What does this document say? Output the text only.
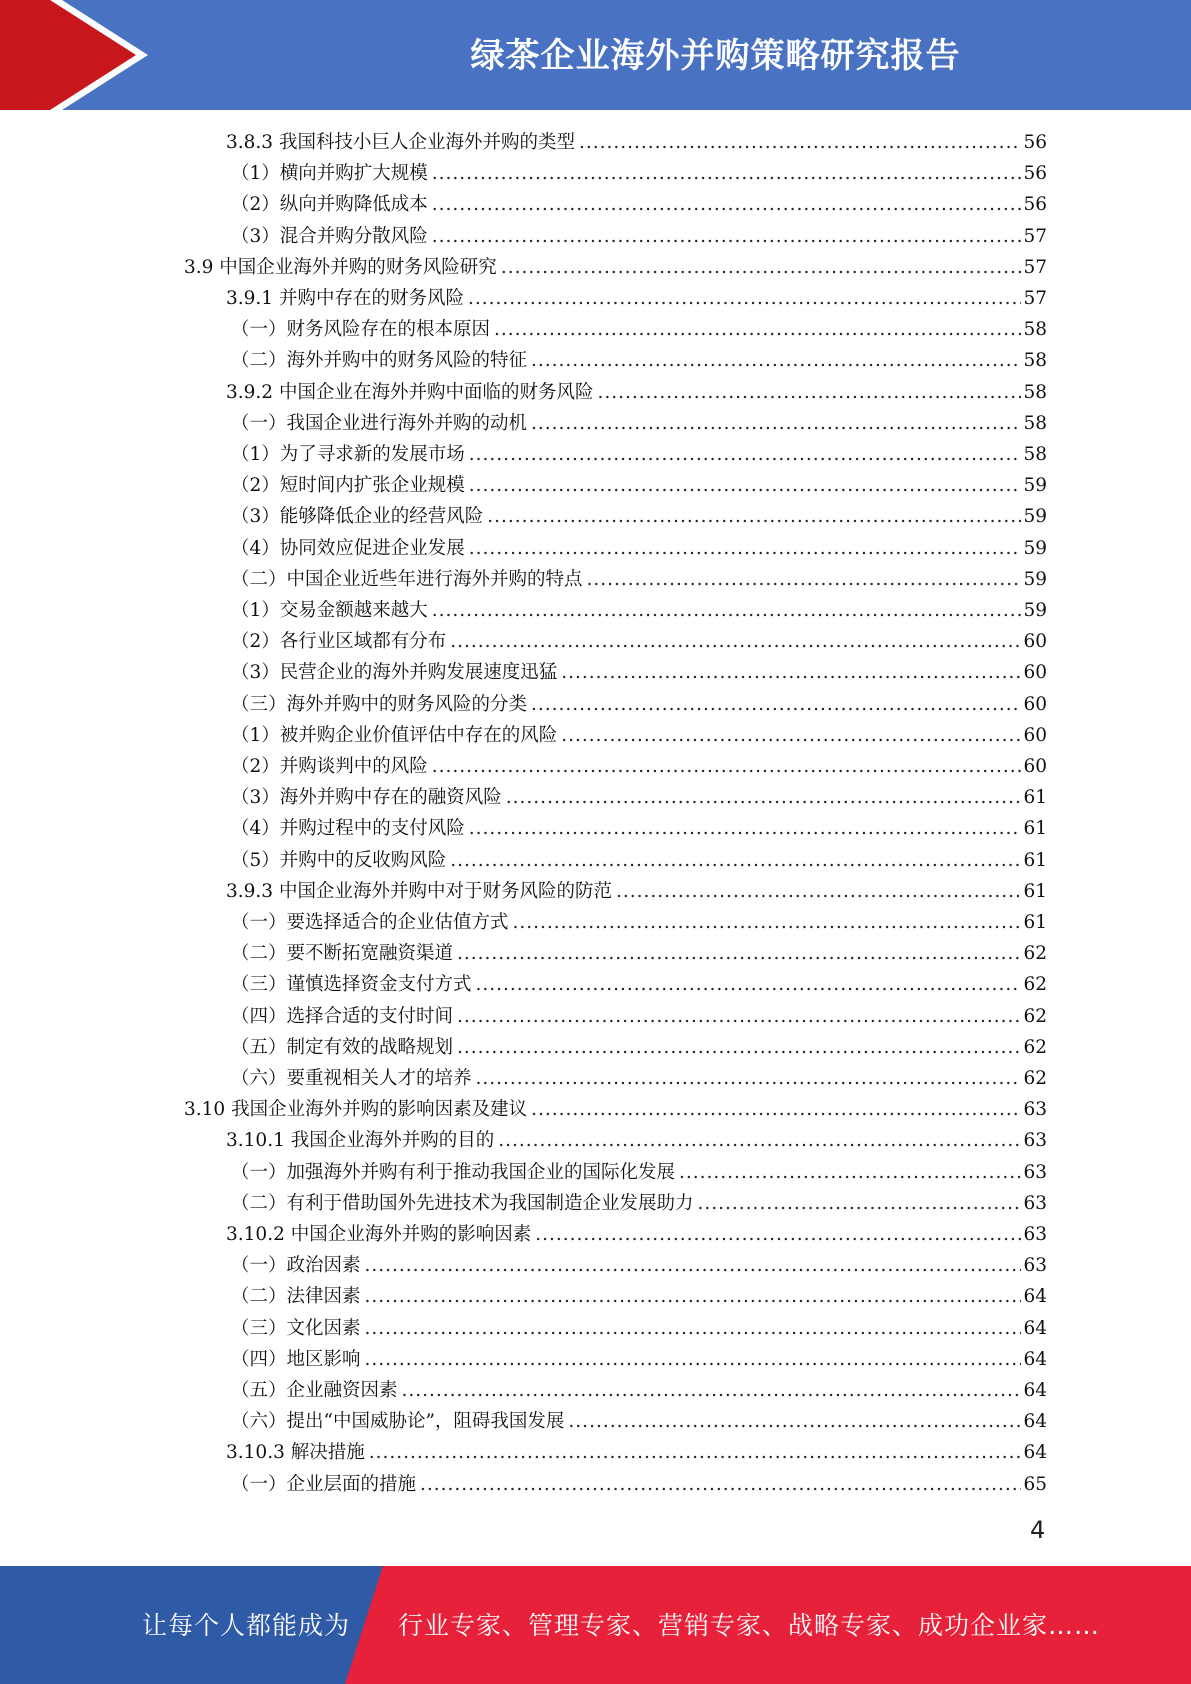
绿茶企业海外并购策略研究报告
3.8.3 我国科技小巨人企业海外并购的类型 .....	56
（1）横向并购扩大规模 .....	56
（2）纵向并购降低成本 .....	56
（3）混合并购分散风险 .....	57
3.9 中国企业海外并购的财务风险研究 .....	57
3.9.1 并购中存在的财务风险 .....	57
（一）财务风险存在的根本原因 .....	58
（二）海外并购中的财务风险的特征 .....	58
3.9.2 中国企业在海外并购中面临的财务风险 .....	58
（一）我国企业进行海外并购的动机 .....	58
（1）为了寻求新的发展市场 .....	58
（2）短时间内扩张企业规模 .....	59
（3）能够降低企业的经营风险 .....	59
（4）协同效应促进企业发展 .....	59
（二）中国企业近些年进行海外并购的特点 .....	59
（1）交易金额越来越大 .....	59
（2）各行业区域都有分布 .....	60
（3）民营企业的海外并购发展速度迅猛 .....	60
（三）海外并购中的财务风险的分类 .....	60
（1）被并购企业价值评估中存在的风险 .....	60
（2）并购谈判中的风险 .....	60
（3）海外并购中存在的融资风险 .....	61
（4）并购过程中的支付风险 .....	61
（5）并购中的反收购风险 .....	61
3.9.3 中国企业海外并购中对于财务风险的防范 .....	61
（一）要选择适合的企业估值方式 .....	61
（二）要不断拓宽融资渠道 .....	62
（三）谨慎选择资金支付方式 .....	62
（四）选择合适的支付时间 .....	62
（五）制定有效的战略规划 .....	62
（六）要重视相关人才的培养 .....	62
3.10 我国企业海外并购的影响因素及建议 .....	63
3.10.1 我国企业海外并购的目的 .....	63
（一）加强海外并购有利于推动我国企业的国际化发展 .....	63
（二）有利于借助国外先进技术为我国制造企业发展助力 .....	63
3.10.2 中国企业海外并购的影响因素 .....	63
（一）政治因素 .....	63
（二）法律因素 .....	64
（三）文化因素 .....	64
（四）地区影响 .....	64
（五）企业融资因素 .....	64
（六）提出“中国威胁论”，阻碍我国发展 .....	64
3.10.3 解决措施 .....	64
（一）企业层面的措施 .....	65
4
让每个人都能成为 行业专家、管理专家、营销专家、战略专家、成功企业家……
